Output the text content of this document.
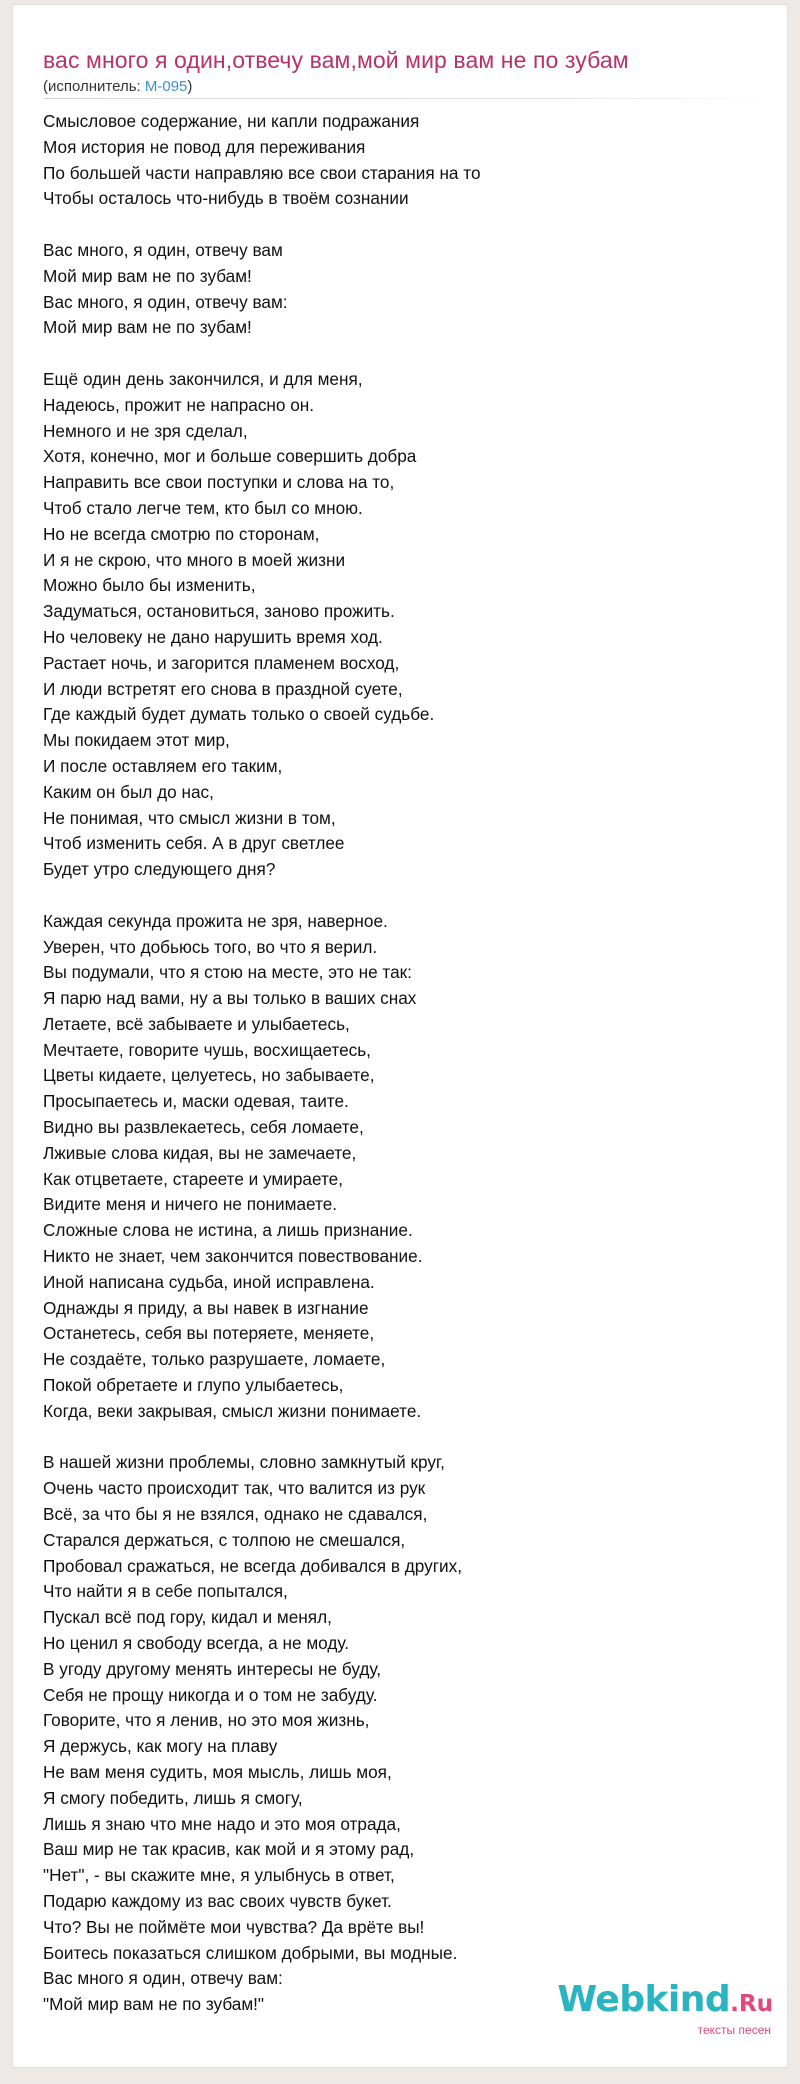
вас много я один,отвечу вам,мой мир вам не по зубам
(исполнитель: М-095)
Смысловое содержание, ни капли подражания
Моя история не повод для переживания
По большей части направляю все свои старания на то
Чтобы осталось что-нибудь в твоём сознании
Вас много, я один, отвечу вам
Мой мир вам не по зубам!
Вас много, я один, отвечу вам:
Мой мир вам не по зубам!
Ещё один день закончился, и для меня,
Надеюсь, прожит не напрасно он.
Немного и не зря сделал,
Хотя, конечно, мог и больше совершить добра
Направить все свои поступки и слова на то,
Чтоб стало легче тем, кто был со мною.
Но не всегда смотрю по сторонам,
И я не скрою, что много в моей жизни
Можно было бы изменить,
Задуматься, остановиться, заново прожить.
Но человеку не дано нарушить время ход.
Растает ночь, и загорится пламенем восход,
И люди встретят его снова в праздной суете,
Где каждый будет думать только о своей судьбе.
Мы покидаем этот мир,
И после оставляем его таким,
Каким он был до нас,
Не понимая, что смысл жизни в том,
Чтоб изменить себя. А в друг светлее
Будет утро следующего дня?
Каждая секунда прожита не зря, наверное.
Уверен, что добьюсь того, во что я верил.
Вы подумали, что я стою на месте, это не так:
Я парю над вами, ну а вы только в ваших снах
Летаете, всё забываете и улыбаетесь,
Мечтаете, говорите чушь, восхищаетесь,
Цветы кидаете, целуетесь, но забываете,
Просыпаетесь и, маски одевая, таите.
Видно вы развлекаетесь, себя ломаете,
Лживые слова кидая, вы не замечаете,
Как отцветаете, стареете и умираете,
Видите меня и ничего не понимаете.
Сложные слова не истина, а лишь признание.
Никто не знает, чем закончится повествование.
Иной написана судьба, иной исправлена.
Однажды я приду, а вы навек в изгнание
Останетесь, себя вы потеряете, меняете,
Не создаёте, только разрушаете, ломаете,
Покой обретаете и глупо улыбаетесь,
Когда, веки закрывая, смысл жизни понимаете.
В нашей жизни проблемы, словно замкнутый круг,
Очень часто происходит так, что валится из рук
Всё, за что бы я не взялся, однако не сдавался,
Старался держаться, с толпою не смешался,
Пробовал сражаться, не всегда добивался в других,
Что найти я в себе попытался,
Пускал всё под гору, кидал и менял,
Но ценил я свободу всегда, а не моду.
В угоду другому менять интересы не буду,
Себя не прощу никогда и о том не забуду.
Говорите, что я ленив, но это моя жизнь,
Я держусь, как могу на плаву
Не вам меня судить, моя мысль, лишь моя,
Я смогу победить, лишь я смогу,
Лишь я знаю что мне надо и это моя отрада,
Ваш мир не так красив, как мой и я этому рад,
"Нет", - вы скажите мне, я улыбнусь в ответ,
Подарю каждому из вас своих чувств букет.
Что? Вы не поймёте мои чувства? Да врёте вы!
Боитесь показаться слишком добрыми, вы модные.
Вас много я один, отвечу вам:
"Мой мир вам не по зубам!"	Webkind.Ru
тексты песен
